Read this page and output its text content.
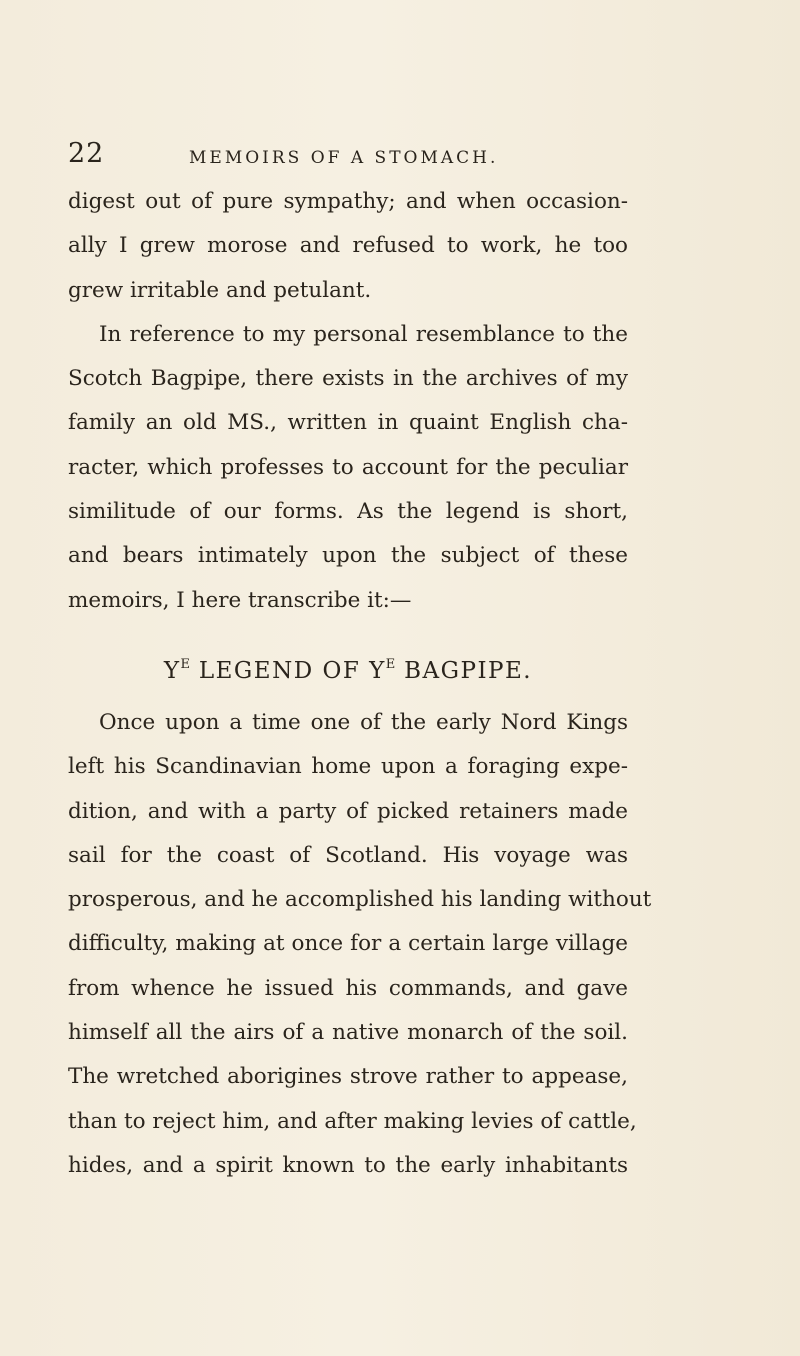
22	MEMOIRS OF A STOMACH.
digest out of pure sympathy; and when occasion-
ally I grew morose and refused to work, he too
grew irritable and petulant.
In reference to my personal resemblance to the
Scotch Bagpipe, there exists in the archives of my
family an old MS., written in quaint English cha-
racter, which professes to account for the peculiar
similitude of our forms. As the legend is short,
and bears intimately upon the subject of these
memoirs, I here transcribe it:—
$Y^E$ LEGEND OF $Y^E$ BAGPIPE.
Once upon a time one of the early Nord Kings
left his Scandinavian home upon a foraging expe-
dition, and with a party of picked retainers made
sail for the coast of Scotland. His voyage was
prosperous, and he accomplished his landing without
difficulty, making at once for a certain large village
from whence he issued his commands, and gave
himself all the airs of a native monarch of the soil.
The wretched aborigines strove rather to appease,
than to reject him, and after making levies of cattle,
hides, and a spirit known to the early inhabitants
